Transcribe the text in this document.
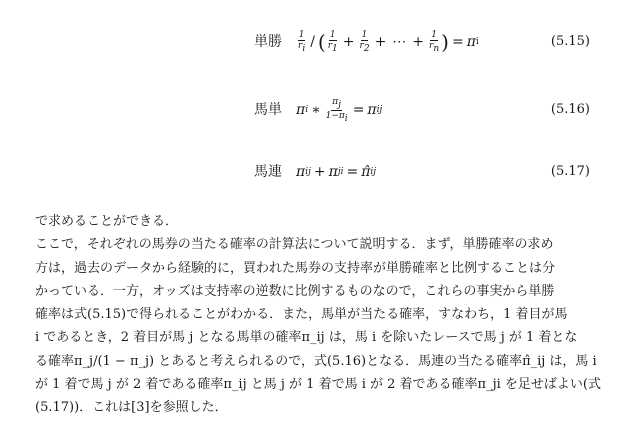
単勝 $\frac{1}{r_i}$ / ( $\frac{1}{r_1} + \frac{1}{r_2}$ + ⋯ + $\frac{1}{r_n}$ ) = π i	(5.15)
馬単 π i ∗ $\frac{\pi_j}{1-\pi_i} = \pi$ ij	(5.16)
馬連 π ij + π ji = π̂ ij	(5.17)
で求めることができる．
ここで，それぞれの馬券の当たる確率の計算法について説明する．まず，単勝確率の求め
方は，過去のデータから経験的に，買われた馬券の支持率が単勝確率と比例することは分
かっている．一方，オッズは支持率の逆数に比例するものなので，これらの事実から単勝
確率は式(5.15)で得られることがわかる．また，馬単が当たる確率，すなわち，1 着目が馬
i であるとき，2 着目が馬 j となる馬単の確率π_ij は，馬 i を除いたレースで馬 j が 1 着とな
る確率π_j/(1 − π_j) とあると考えられるので，式(5.16)となる．馬連の当たる確率π̂_ij は，馬 i
が 1 着で馬 j が 2 着である確率π_ij と馬 j が 1 着で馬 i が 2 着である確率π_ji を足せばよい(式
(5.17))．これは[3]を参照した．
